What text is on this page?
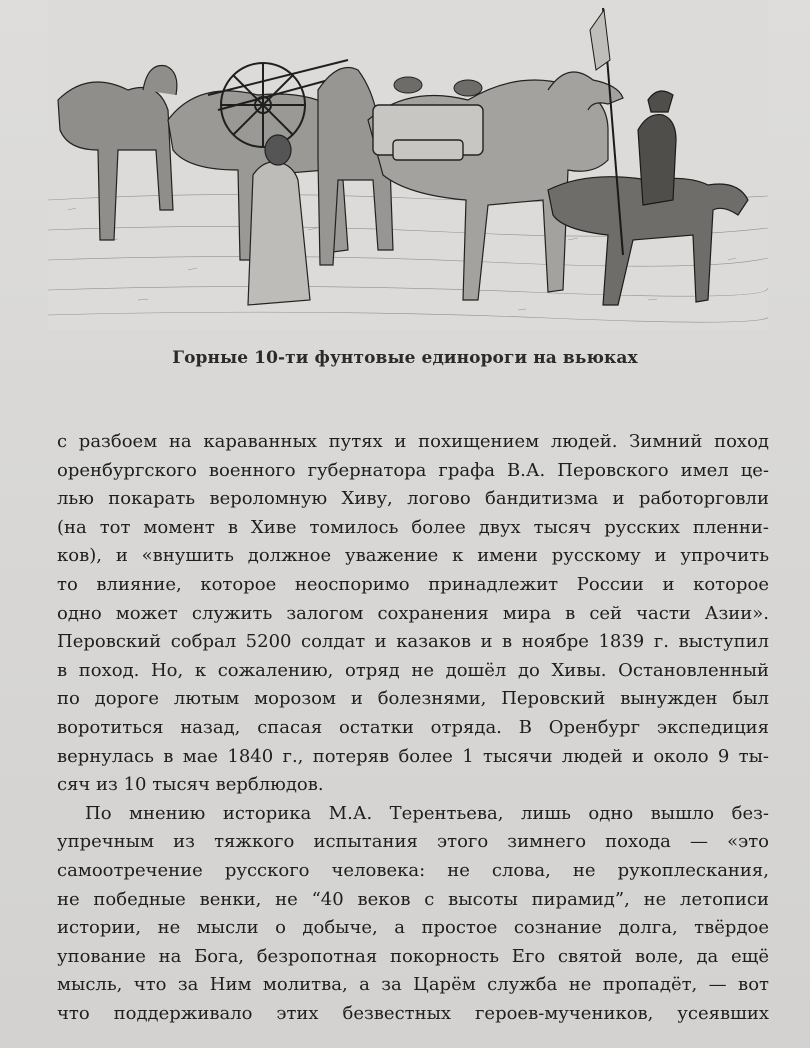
Горные 10-ти фунтовые единороги на вьюках
с разбоем на караванных путях и похищением людей. Зимний поход
оренбургского военного губернатора графа В.А. Перовского имел це-
лью покарать вероломную Хиву, логово бандитизма и работорговли
(на тот момент в Хиве томилось более двух тысяч русских пленни-
ков), и «внушить должное уважение к имени русскому и упрочить
то влияние, которое неоспоримо принадлежит России и которое
одно может служить залогом сохранения мира в сей части Азии».
Перовский собрал 5200 солдат и казаков и в ноябре 1839 г. выступил
в поход. Но, к сожалению, отряд не дошёл до Хивы. Остановленный
по дороге лютым морозом и болезнями, Перовский вынужден был
воротиться назад, спасая остатки отряда. В Оренбург экспедиция
вернулась в мае 1840 г., потеряв более 1 тысячи людей и около 9 ты-
сяч из 10 тысяч верблюдов.
По мнению историка М.А. Терентьева, лишь одно вышло без-
упречным из тяжкого испытания этого зимнего похода — «это
самоотречение русского человека: не слова, не рукоплескания,
не победные венки, не “40 веков с высоты пирамид”, не летописи
истории, не мысли о добыче, а простое сознание долга, твёрдое
упование на Бога, безропотная покорность Его святой воле, да ещё
мысль, что за Ним молитва, а за Царём служба не пропадёт, — вот
что поддерживало этих безвестных героев-мучеников, усеявших
